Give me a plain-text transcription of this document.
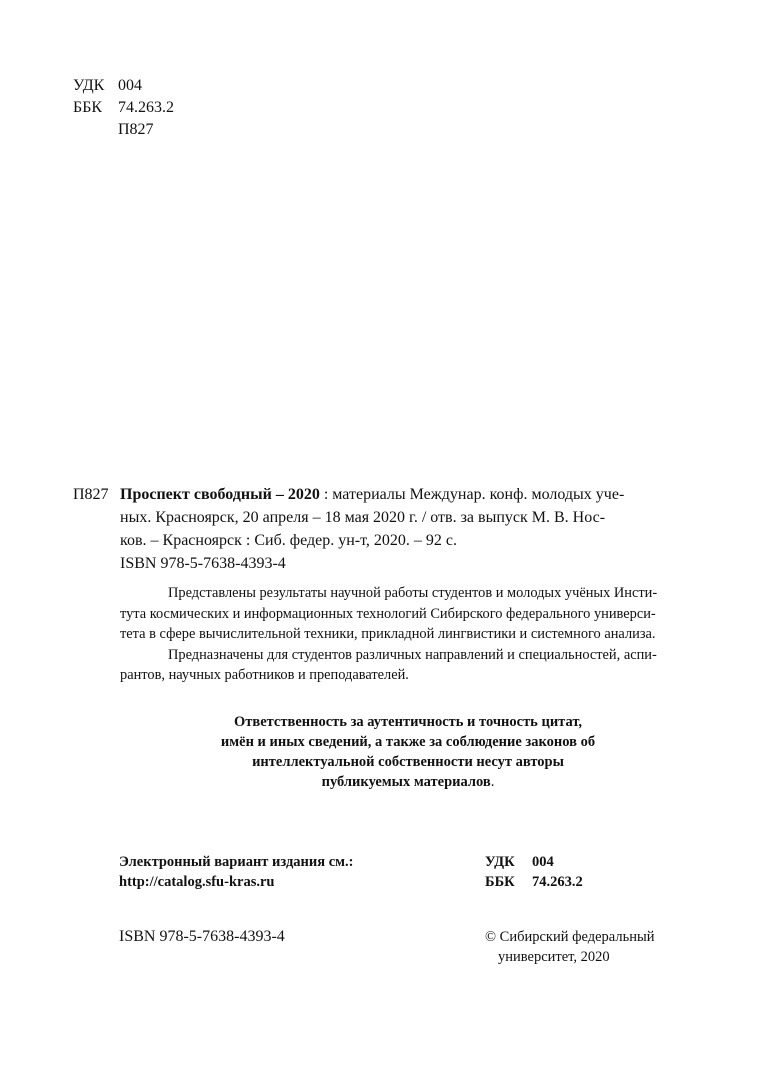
УДК 004
ББК 74.263.2
П827
П827 Проспект свободный – 2020 : материалы Междунар. конф. молодых уче-
ных. Красноярск, 20 апреля – 18 мая 2020 г. / отв. за выпуск М. В. Нос-
ков. – Красноярск : Сиб. федер. ун-т, 2020. – 92 с.
ISBN 978-5-7638-4393-4
Представлены результаты научной работы студентов и молодых учёных Инсти-
тута космических и информационных технологий Сибирского федерального универси-
тета в сфере вычислительной техники, прикладной лингвистики и системного анализа.
Предназначены для студентов различных направлений и специальностей, аспи-
рантов, научных работников и преподавателей.
Ответственность за аутентичность и точность цитат,
имён и иных сведений, а также за соблюдение законов об
интеллектуальной собственности несут авторы
публикуемых материалов.
Электронный вариант издания см.:
http://catalog.sfu-kras.ru
УДК 004
ББК 74.263.2
ISBN 978-5-7638-4393-4	© Сибирский федеральный
университет, 2020
